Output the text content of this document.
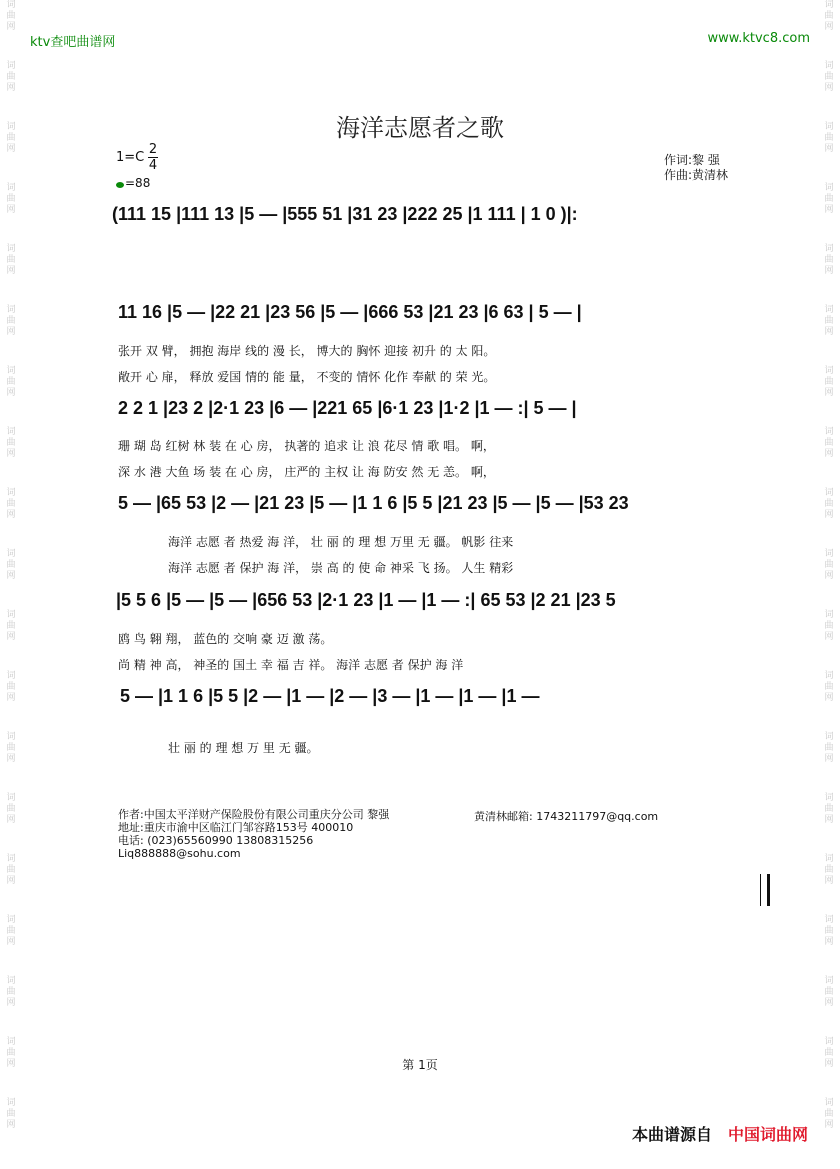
词
曲
网
词
曲
网
词
曲
网
词
曲
网
词
曲
网
词
曲
网
词
曲
网
词
曲
网
词
曲
网
词
曲
网
词
曲
网
词
曲
网
词
曲
网
词
曲
网
词
曲
网
词
曲
网
词
曲
网
词
曲
网
词
曲
网
词
曲
网
词
曲
网
词
曲
网
词
曲
网
词
曲
网
词
曲
网
词
曲
网
词
曲
网
词
曲
网
词
曲
网
词
曲
网
词
曲
网
词
曲
网
词
曲
网
词
曲
网
词
曲
网
词
曲
网
词
曲
网
词
曲
网
ktv查吧曲谱网	www.ktvc8.com
海洋志愿者之歌
1=C
2
4
=88
作词:黎 强
作曲:黄清林
(111 15 |111 13 |5 — |555 51 |31 23 |222 25 |1 111 | 1 0 )|:
11 16 |5 — |22 21 |23 56 |5 — |666 53 |21 23 |6 63 | 5 — |
张开 双 臂， 拥抱 海岸 线的 漫 长， 博大的 胸怀 迎接 初升 的 太 阳。
敞开 心 扉， 释放 爱国 情的 能 量， 不变的 情怀 化作 奉献 的 荣 光。
2 2 1 |23 2 |2·1 23 |6 — |221 65 |6·1 23 |1·2 |1 — :| 5 — |
珊 瑚 岛 红树 林 装 在 心 房， 执著的 追求 让 浪 花尽 情 歌 唱。 啊，
深 水 港 大鱼 场 装 在 心 房， 庄严的 主权 让 海 防安 然 无 恙。 啊，
5 — |65 53 |2 — |21 23 |5 — |1 1 6 |5 5 |21 23 |5 — |5 — |53 23
海洋 志愿 者 热爱 海 洋， 壮 丽 的 理 想 万里 无 疆。 帆影 往来
海洋 志愿 者 保护 海 洋， 崇 高 的 使 命 神采 飞 扬。 人生 精彩
|5 5 6 |5 — |5 — |656 53 |2·1 23 |1 — |1 — :| 65 53 |2 21 |23 5
鸥 鸟 翱 翔， 蓝色的 交响 豪 迈 激 荡。
尚 精 神 高， 神圣的 国土 幸 福 吉 祥。 海洋 志愿 者 保护 海 洋
5 — |1 1 6 |5 5 |2 — |1 — |2 — |3 — |1 — |1 — |1 —
壮 丽 的 理 想 万 里 无 疆。
作者:中国太平洋财产保险股份有限公司重庆分公司 黎强
地址:重庆市渝中区临江门邹容路153号 400010
电话: (023)65560990 13808315256
Liq888888@sohu.com
黄清林邮箱: 1743211797@qq.com
第 1页
本曲谱源自 中国词曲网
